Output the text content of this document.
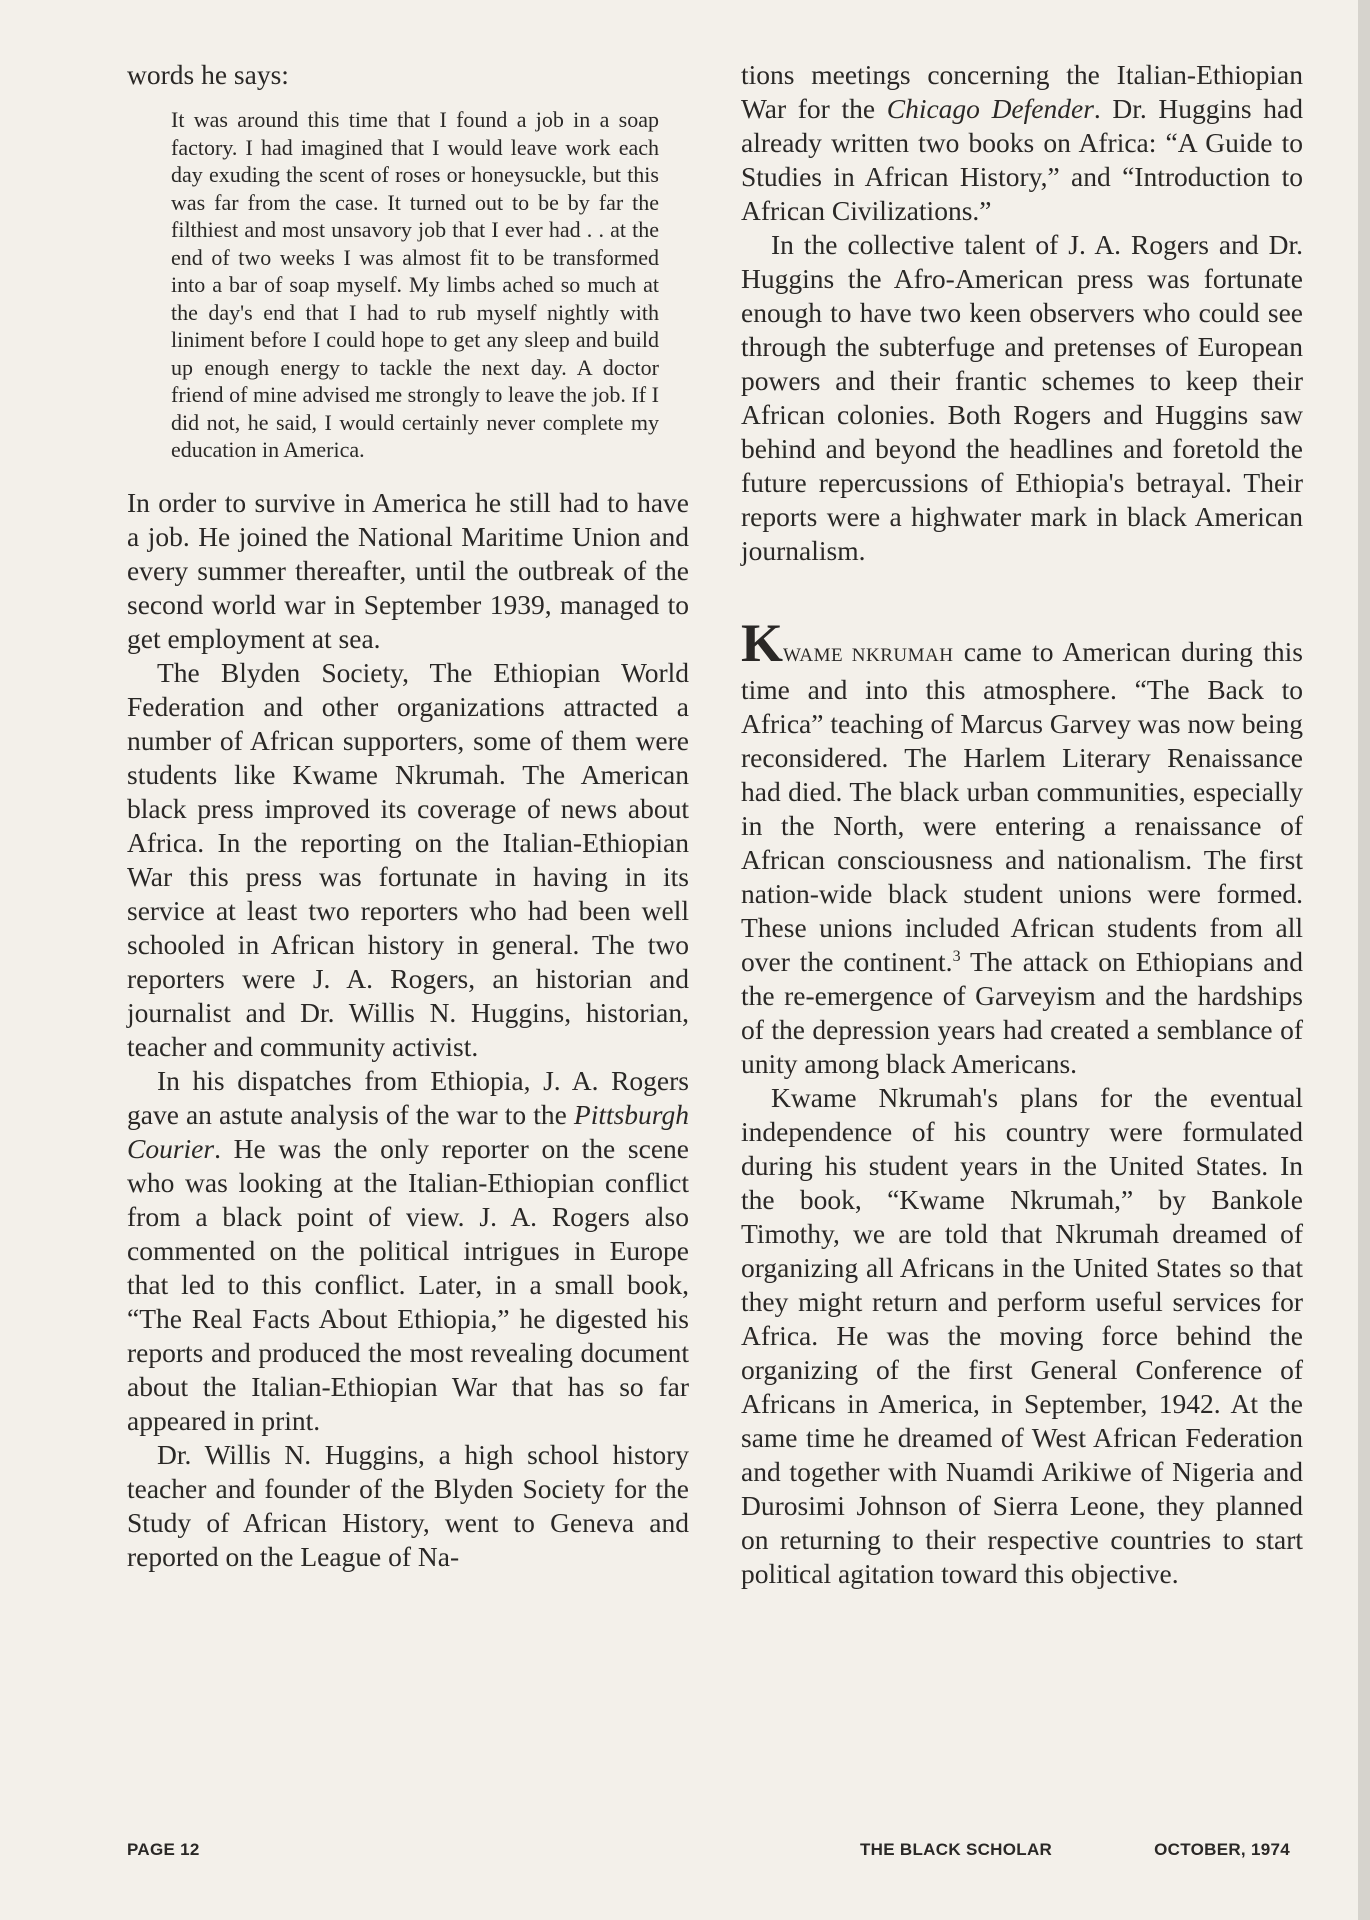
words he says:

It was around this time that I found a job in a soap factory. I had imagined that I would leave work each day exuding the scent of roses or honeysuckle, but this was far from the case. It turned out to be by far the filthiest and most unsavory job that I ever had . . at the end of two weeks I was almost fit to be transformed into a bar of soap myself. My limbs ached so much at the day's end that I had to rub myself nightly with liniment before I could hope to get any sleep and build up enough energy to tackle the next day. A doctor friend of mine advised me strongly to leave the job. If I did not, he said, I would certainly never complete my education in America.

In order to survive in America he still had to have a job. He joined the National Maritime Union and every summer thereafter, until the outbreak of the second world war in September 1939, managed to get employment at sea.

The Blyden Society, The Ethiopian World Federation and other organizations attracted a number of African supporters, some of them were students like Kwame Nkrumah. The American black press improved its coverage of news about Africa. In the reporting on the Italian-Ethiopian War this press was fortunate in having in its service at least two reporters who had been well schooled in African history in general. The two reporters were J. A. Rogers, an historian and journalist and Dr. Willis N. Huggins, historian, teacher and community activist.

In his dispatches from Ethiopia, J. A. Rogers gave an astute analysis of the war to the Pittsburgh Courier. He was the only reporter on the scene who was looking at the Italian-Ethiopian conflict from a black point of view. J. A. Rogers also commented on the political intrigues in Europe that led to this conflict. Later, in a small book, “The Real Facts About Ethiopia,” he digested his reports and produced the most revealing document about the Italian-Ethiopian War that has so far appeared in print.

Dr. Willis N. Huggins, a high school history teacher and founder of the Blyden Society for the Study of African History, went to Geneva and reported on the League of Na-

tions meetings concerning the Italian-Ethiopian War for the Chicago Defender. Dr. Huggins had already written two books on Africa: “A Guide to Studies in African History,” and “Introduction to African Civilizations.”

In the collective talent of J. A. Rogers and Dr. Huggins the Afro-American press was fortunate enough to have two keen observers who could see through the subterfuge and pretenses of European powers and their frantic schemes to keep their African colonies. Both Rogers and Huggins saw behind and beyond the headlines and foretold the future repercussions of Ethiopia's betrayal. Their reports were a highwater mark in black American journalism.

KWAME NKRUMAH came to American during this time and into this atmosphere. “The Back to Africa” teaching of Marcus Garvey was now being reconsidered. The Harlem Literary Renaissance had died. The black urban communities, especially in the North, were entering a renaissance of African consciousness and nationalism. The first nation-wide black student unions were formed. These unions included African students from all over the continent.$^3$ The attack on Ethiopians and the re-emergence of Garveyism and the hardships of the depression years had created a semblance of unity among black Americans.

Kwame Nkrumah's plans for the eventual independence of his country were formulated during his student years in the United States. In the book, “Kwame Nkrumah,” by Bankole Timothy, we are told that Nkrumah dreamed of organizing all Africans in the United States so that they might return and perform useful services for Africa. He was the moving force behind the organizing of the first General Conference of Africans in America, in September, 1942. At the same time he dreamed of West African Federation and together with Nuamdi Arikiwe of Nigeria and Durosimi Johnson of Sierra Leone, they planned on returning to their respective countries to start political agitation toward this objective.

PAGE 12	THE BLACK SCHOLAR	OCTOBER, 1974
